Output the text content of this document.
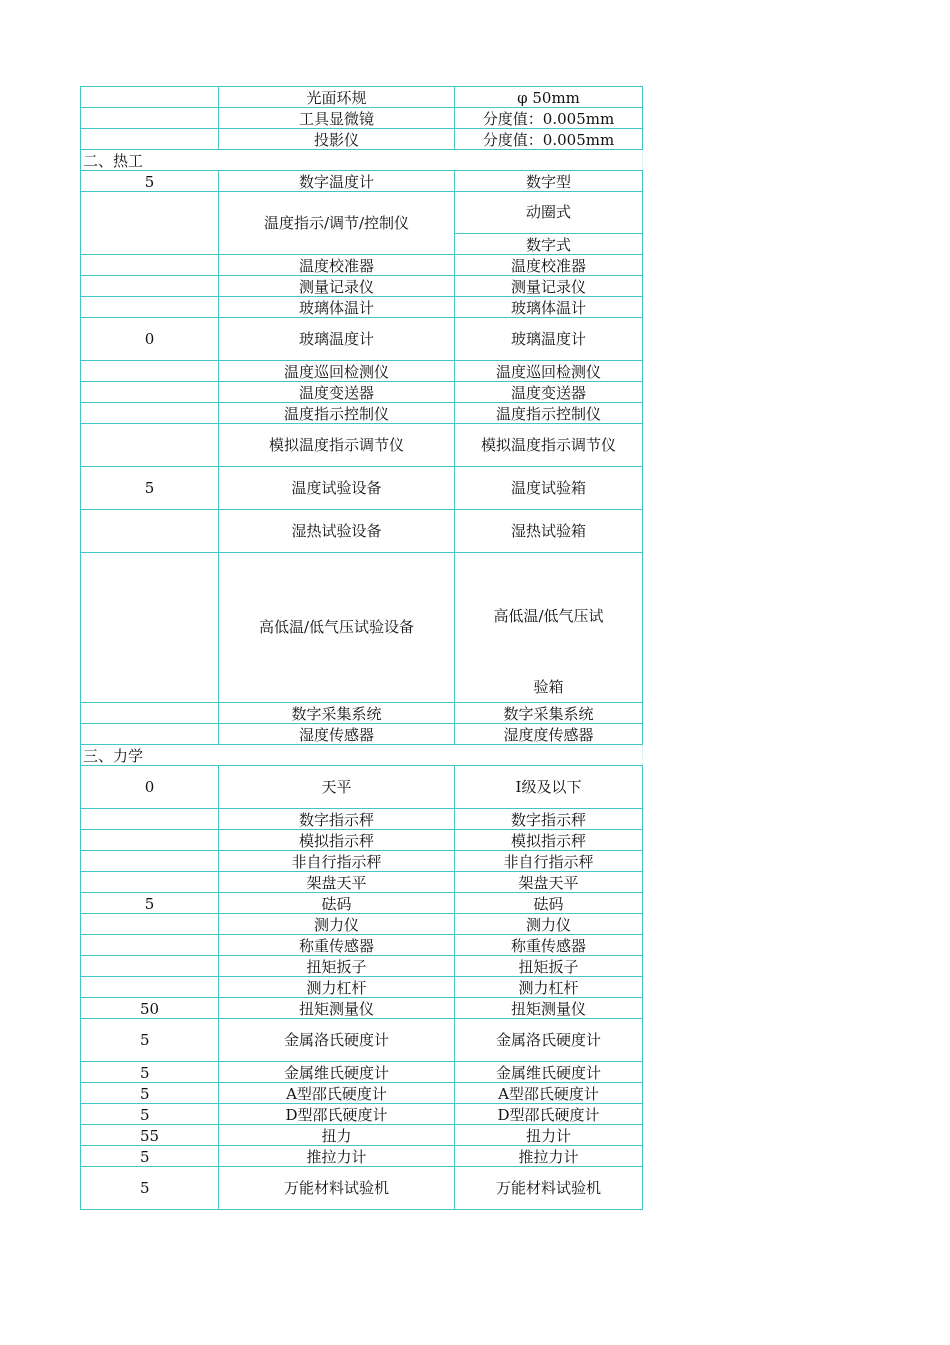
	光面环规	φ 50mm
	工具显微镜	分度值：0.005mm
	投影仪	分度值：0.005mm
二、热工		
5	数字温度计	数字型
	温度指示/调节/控制仪	动圈式
		数字式
	温度校准器	温度校准器
	测量记录仪	测量记录仪
	玻璃体温计	玻璃体温计
0	玻璃温度计	玻璃温度计
	温度巡回检测仪	温度巡回检测仪
	温度变送器	温度变送器
	温度指示控制仪	温度指示控制仪
	模拟温度指示调节仪	模拟温度指示调节仪
5	温度试验设备	温度试验箱
	湿热试验设备	湿热试验箱
	高低温/低气压试验设备	高低温/低气压试
验箱

	数字采集系统	数字采集系统
	湿度传感器	湿度度传感器
三、力学		
0	天平	Ⅰ级及以下
	数字指示秤	数字指示秤
	模拟指示秤	模拟指示秤
	非自行指示秤	非自行指示秤
	架盘天平	架盘天平
5	砝码	砝码
	测力仪	测力仪
	称重传感器	称重传感器
	扭矩扳子	扭矩扳子
	测力杠杆	测力杠杆
50	扭矩测量仪	扭矩测量仪
5	金属洛氏硬度计	金属洛氏硬度计
5	金属维氏硬度计	金属维氏硬度计
5	A型邵氏硬度计	A型邵氏硬度计
5	D型邵氏硬度计	D型邵氏硬度计
55	扭力	扭力计
5	推拉力计	推拉力计
5	万能材料试验机	万能材料试验机
